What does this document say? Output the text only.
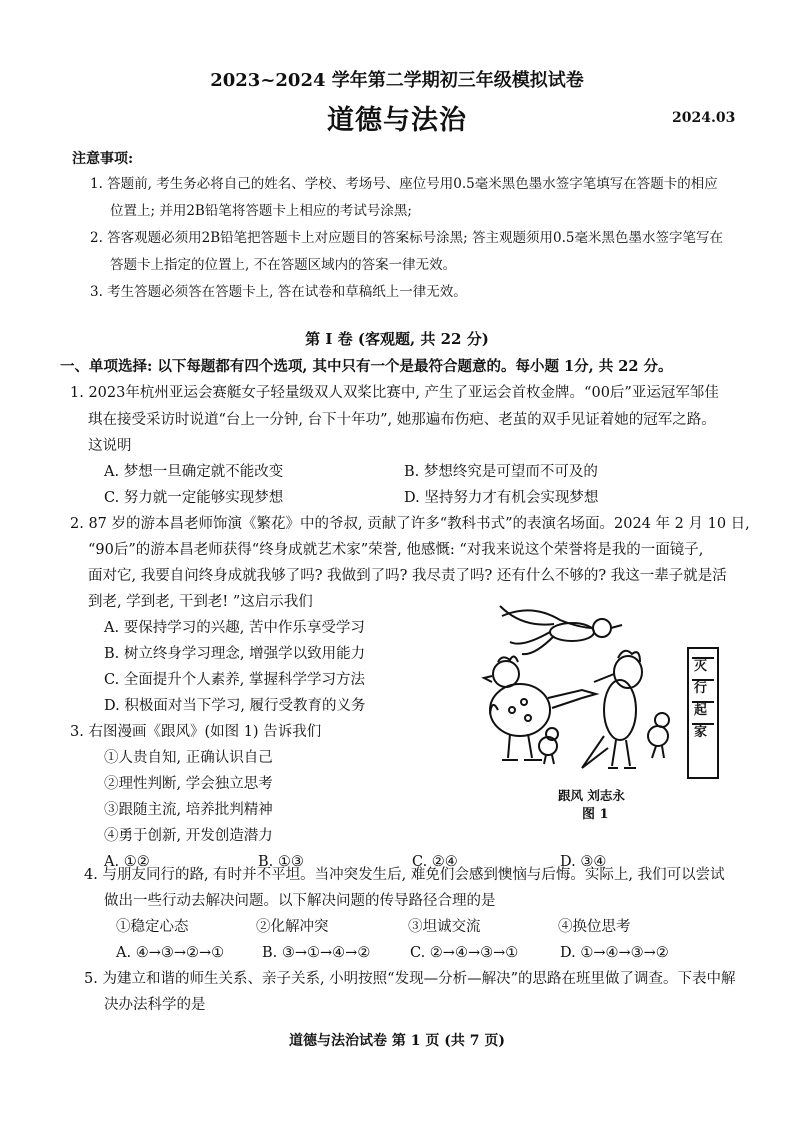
2023~2024 学年第二学期初三年级模拟试卷
道德与法治	2024.03
注意事项:
1. 答题前, 考生务必将自己的姓名、学校、考场号、座位号用0.5毫米黑色墨水签字笔填写在答题卡的相应
位置上; 并用2B铅笔将答题卡上相应的考试号涂黑;
2. 答客观题必须用2B铅笔把答题卡上对应题目的答案标号涂黑; 答主观题须用0.5毫米黑色墨水签字笔写在
答题卡上指定的位置上, 不在答题区域内的答案一律无效。
3. 考生答题必须答在答题卡上, 答在试卷和草稿纸上一律无效。
第 I 卷 (客观题, 共 22 分)
一、单项选择: 以下每题都有四个选项, 其中只有一个是最符合题意的。每小题 1分, 共 22 分。
1. 2023年杭州亚运会赛艇女子轻量级双人双桨比赛中, 产生了亚运会首枚金牌。“00后”亚运冠军邹佳
琪在接受采访时说道“台上一分钟, 台下十年功”, 她那遍布伤疤、老茧的双手见证着她的冠军之路。
这说明
A. 梦想一旦确定就不能改变	B. 梦想终究是可望而不可及的
C. 努力就一定能够实现梦想	D. 坚持努力才有机会实现梦想
2. 87 岁的游本昌老师饰演《繁花》中的爷叔, 贡献了许多“教科书式”的表演名场面。2024 年 2 月 10 日,
“90后”的游本昌老师获得“终身成就艺术家”荣誉, 他感慨: “对我来说这个荣誉将是我的一面镜子,
面对它, 我要自问终身成就我够了吗? 我做到了吗? 我尽责了吗? 还有什么不够的? 我这一辈子就是活
到老, 学到老, 干到老! ”这启示我们
A. 要保持学习的兴趣, 苦中作乐享受学习
B. 树立终身学习理念, 增强学以致用能力
C. 全面提升个人素养, 掌握科学学习方法
D. 积极面对当下学习, 履行受教育的义务
3. 右图漫画《跟风》(如图 1) 告诉我们
①人贵自知, 正确认识自己
②理性判断, 学会独立思考
③跟随主流, 培养批判精神
④勇于创新, 开发创造潜力
A. ①②	B. ①③	C. ②④	D. ③④
灭行起家
跟风 刘志永
图 1
4. 与朋友同行的路, 有时并不平坦。当冲突发生后, 难免们会感到懊恼与后悔。实际上, 我们可以尝试
做出一些行动去解决问题。以下解决问题的传导路径合理的是
①稳定心态	②化解冲突	③坦诚交流	④换位思考
A. ④→③→②→①	B. ③→①→④→②	C. ②→④→③→①	D. ①→④→③→②
5. 为建立和谐的师生关系、亲子关系, 小明按照“发现—分析—解决”的思路在班里做了调查。下表中解
决办法科学的是
道德与法治试卷 第 1 页 (共 7 页)
